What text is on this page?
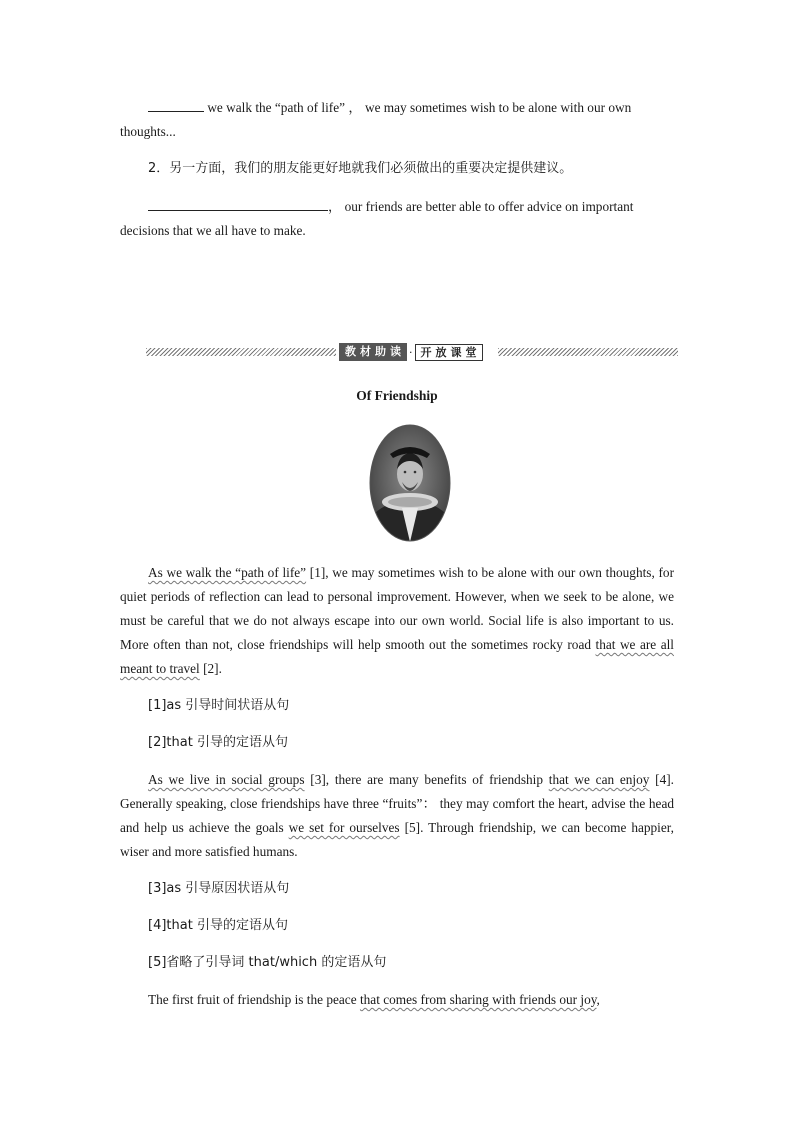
we walk the “path of life” ， we may sometimes wish to be alone with our own

thoughts...

2．另一方面，我们的朋友能更好地就我们必须做出的重要决定提供建议。

， our friends are better able to offer advice on important

decisions that we all have to make.

教材助读 · 开放课堂
Of Friendship

As we walk the “path of life” [1], we may sometimes wish to be alone with our own thoughts, for quiet periods of reflection can lead to personal improvement. However, when we seek to be alone, we must be careful that we do not always escape into our own world. Social life is also important to us. More often than not, close friendships will help smooth out the sometimes rocky road that we are all meant to travel [2].

[1]as 引导时间状语从句

[2]that 引导的定语从句

As we live in social groups [3], there are many benefits of friendship that we can enjoy [4]. Generally speaking, close friendships have three “fruits”： they may comfort the heart, advise the head and help us achieve the goals we set for ourselves [5]. Through friendship, we can become happier, wiser and more satisfied humans.

[3]as 引导原因状语从句

[4]that 引导的定语从句

[5]省略了引导词 that/which 的定语从句

The first fruit of friendship is the peace that comes from sharing with friends our joy,
